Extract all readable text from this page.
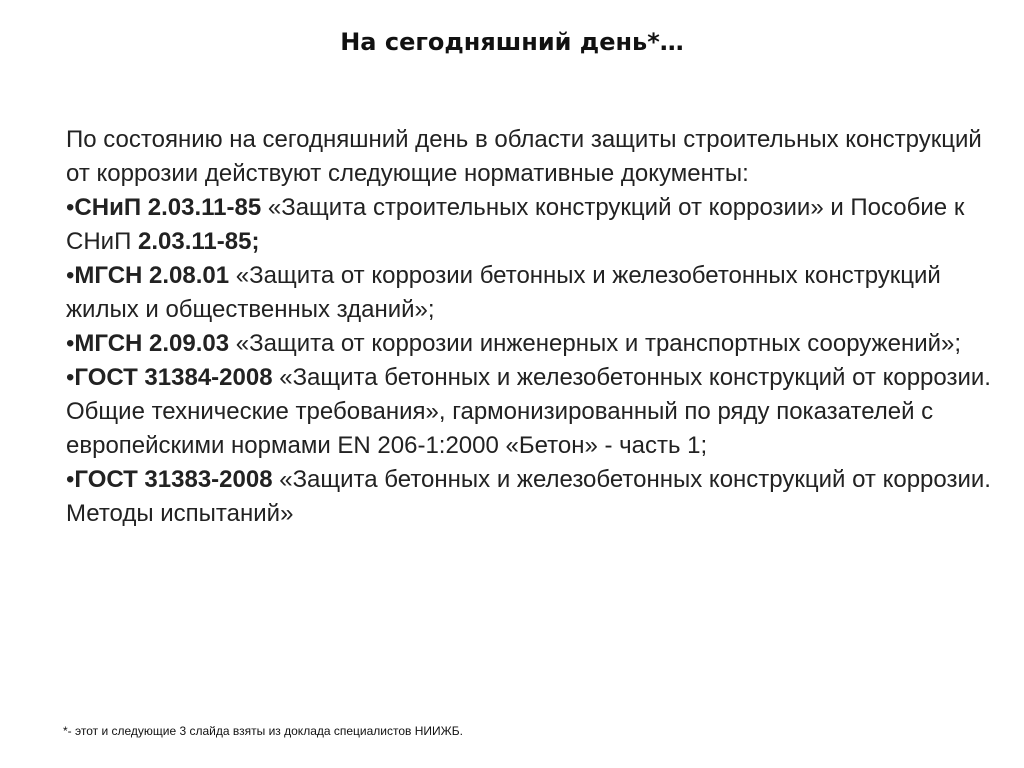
На сегодняшний день*…

По состоянию на сегодняшний день в области защиты строительных конструкций от коррозии действуют следующие нормативные документы:

•СНиП 2.03.11-85 «Защита строительных конструкций от коррозии» и Пособие к СНиП 2.03.11-85;

•МГСН 2.08.01 «Защита от коррозии бетонных и железобетонных конструкций жилых и общественных зданий»;

•МГСН 2.09.03 «Защита от коррозии инженерных и транспортных сооружений»;

•ГОСТ 31384-2008 «Защита бетонных и железобетонных конструкций от коррозии. Общие технические требования», гармонизированный по ряду показателей с европейскими нормами EN 206-1:2000 «Бетон» - часть 1;

•ГОСТ 31383-2008 «Защита бетонных и железобетонных конструкций от коррозии. Методы испытаний»

*- этот и следующие 3 слайда взяты из доклада специалистов НИИЖБ.
